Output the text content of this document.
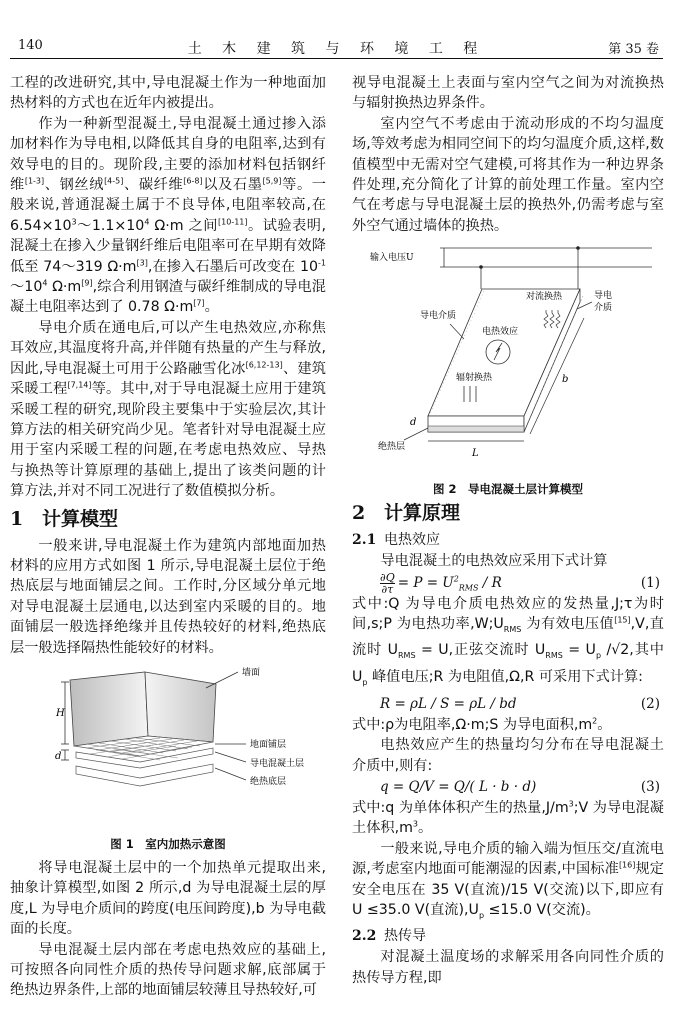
140	土 木 建 筑 与 环 境 工 程	第 35 卷

工程的改进研究,其中,导电混凝土作为一种地面加热材料的方式也在近年内被提出。

作为一种新型混凝土,导电混凝土通过掺入添加材料作为导电相,以降低其自身的电阻率,达到有效导电的目的。现阶段,主要的添加材料包括钢纤维[1-3]、钢丝绒[4-5]、碳纤维[6-8]以及石墨[5,9]等。一般来说,普通混凝土属于不良导体,电阻率较高,在 $6.54\times 10^3\sim 1.1\times 10^4$ Ω·m 之间[10-11]。试验表明,混凝土在掺入少量钢纤维后电阻率可在早期有效降低至 74～319 Ω·m[3],在掺入石墨后可改变在 $10^{-1}\sim 10^4$ Ω·m[9],综合利用钢渣与碳纤维制成的导电混凝土电阻率达到了 0.78 Ω·m[7]。

导电介质在通电后,可以产生电热效应,亦称焦耳效应,其温度将升高,并伴随有热量的产生与释放,因此,导电混凝土可用于公路融雪化冰[6,12-13]、建筑采暖工程[7,14]等。其中,对于导电混凝土应用于建筑采暖工程的研究,现阶段主要集中于实验层次,其计算方法的相关研究尚少见。笔者针对导电混凝土应用于室内采暖工程的问题,在考虑电热效应、导热与换热等计算原理的基础上,提出了该类问题的计算方法,并对不同工况进行了数值模拟分析。

1 计算模型

一般来讲,导电混凝土作为建筑内部地面加热材料的应用方式如图 1 所示,导电混凝土层位于绝热底层与地面铺层之间。工作时,分区域分单元地对导电混凝土层通电,以达到室内采暖的目的。地面铺层一般选择绝缘并且传热较好的材料,绝热底层一般选择隔热性能较好的材料。

墙面
H
d
地面铺层
导电混凝土层
绝热底层
图 1　室内加热示意图

将导电混凝土层中的一个加热单元提取出来,抽象计算模型,如图 2 所示,d 为导电混凝土层的厚度,L 为导电介质间的跨度(电压间跨度),b 为导电截面的长度。

导电混凝土层内部在考虑电热效应的基础上,可按照各向同性介质的热传导问题求解,底部属于绝热边界条件,上部的地面铺层较薄且导热较好,可

视导电混凝土上表面与室内空气之间为对流换热与辐射换热边界条件。

室内空气不考虑由于流动形成的不均匀温度场,等效考虑为相同空间下的均匀温度介质,这样,数值模型中无需对空气建模,可将其作为一种边界条件处理,充分简化了计算的前处理工作量。室内空气在考虑与导电混凝土层的换热外,仍需考虑与室外空气通过墙体的换热。

输入电压U
导电介质
对流换热	导电
介质
电热效应
辐射换热	b
d
绝热层
L
图 2　导电混凝土层计算模型
2 计算原理
2.1 电热效应

导电混凝土的电热效应采用下式计算

$\frac{\partial Q}{\partial\tau} = P = U^2_{RMS} / R$	(1)

式中:Q 为导电介质电热效应的发热量,J;τ为时间,s;P 为电热功率$,W;U_{RMS}$ 为有效电压值[15],V,直流时 $U_{RMS} = U$,正弦交流时 $U_{RMS} = U_p$ /√2,其中 $U_p$ 峰值电压;R 为电阻值,Ω,R 可采用下式计算:

R = ρL / S = ρL / bd	(2)

式中:ρ为电阻率,Ω·m;S 为导电面积$,m^2$。

电热效应产生的热量均匀分布在导电混凝土介质中,则有:

q = Q/V = Q/( L · b · d)	(3)

式中:q 为单体体积产生的热量$,J/m^3;V$ 为导电混凝土体积$,m^3$。

一般来说,导电介质的输入端为恒压交/直流电源,考虑室内地面可能潮湿的因素,中国标准[16]规定安全电压在 35 V(直流)/15 V(交流)以下,即应有 U ≤35.0 V(直流)$,U_p \le 15.0$ V(交流)。

2.2 热传导

对混凝土温度场的求解采用各向同性介质的热传导方程,即
